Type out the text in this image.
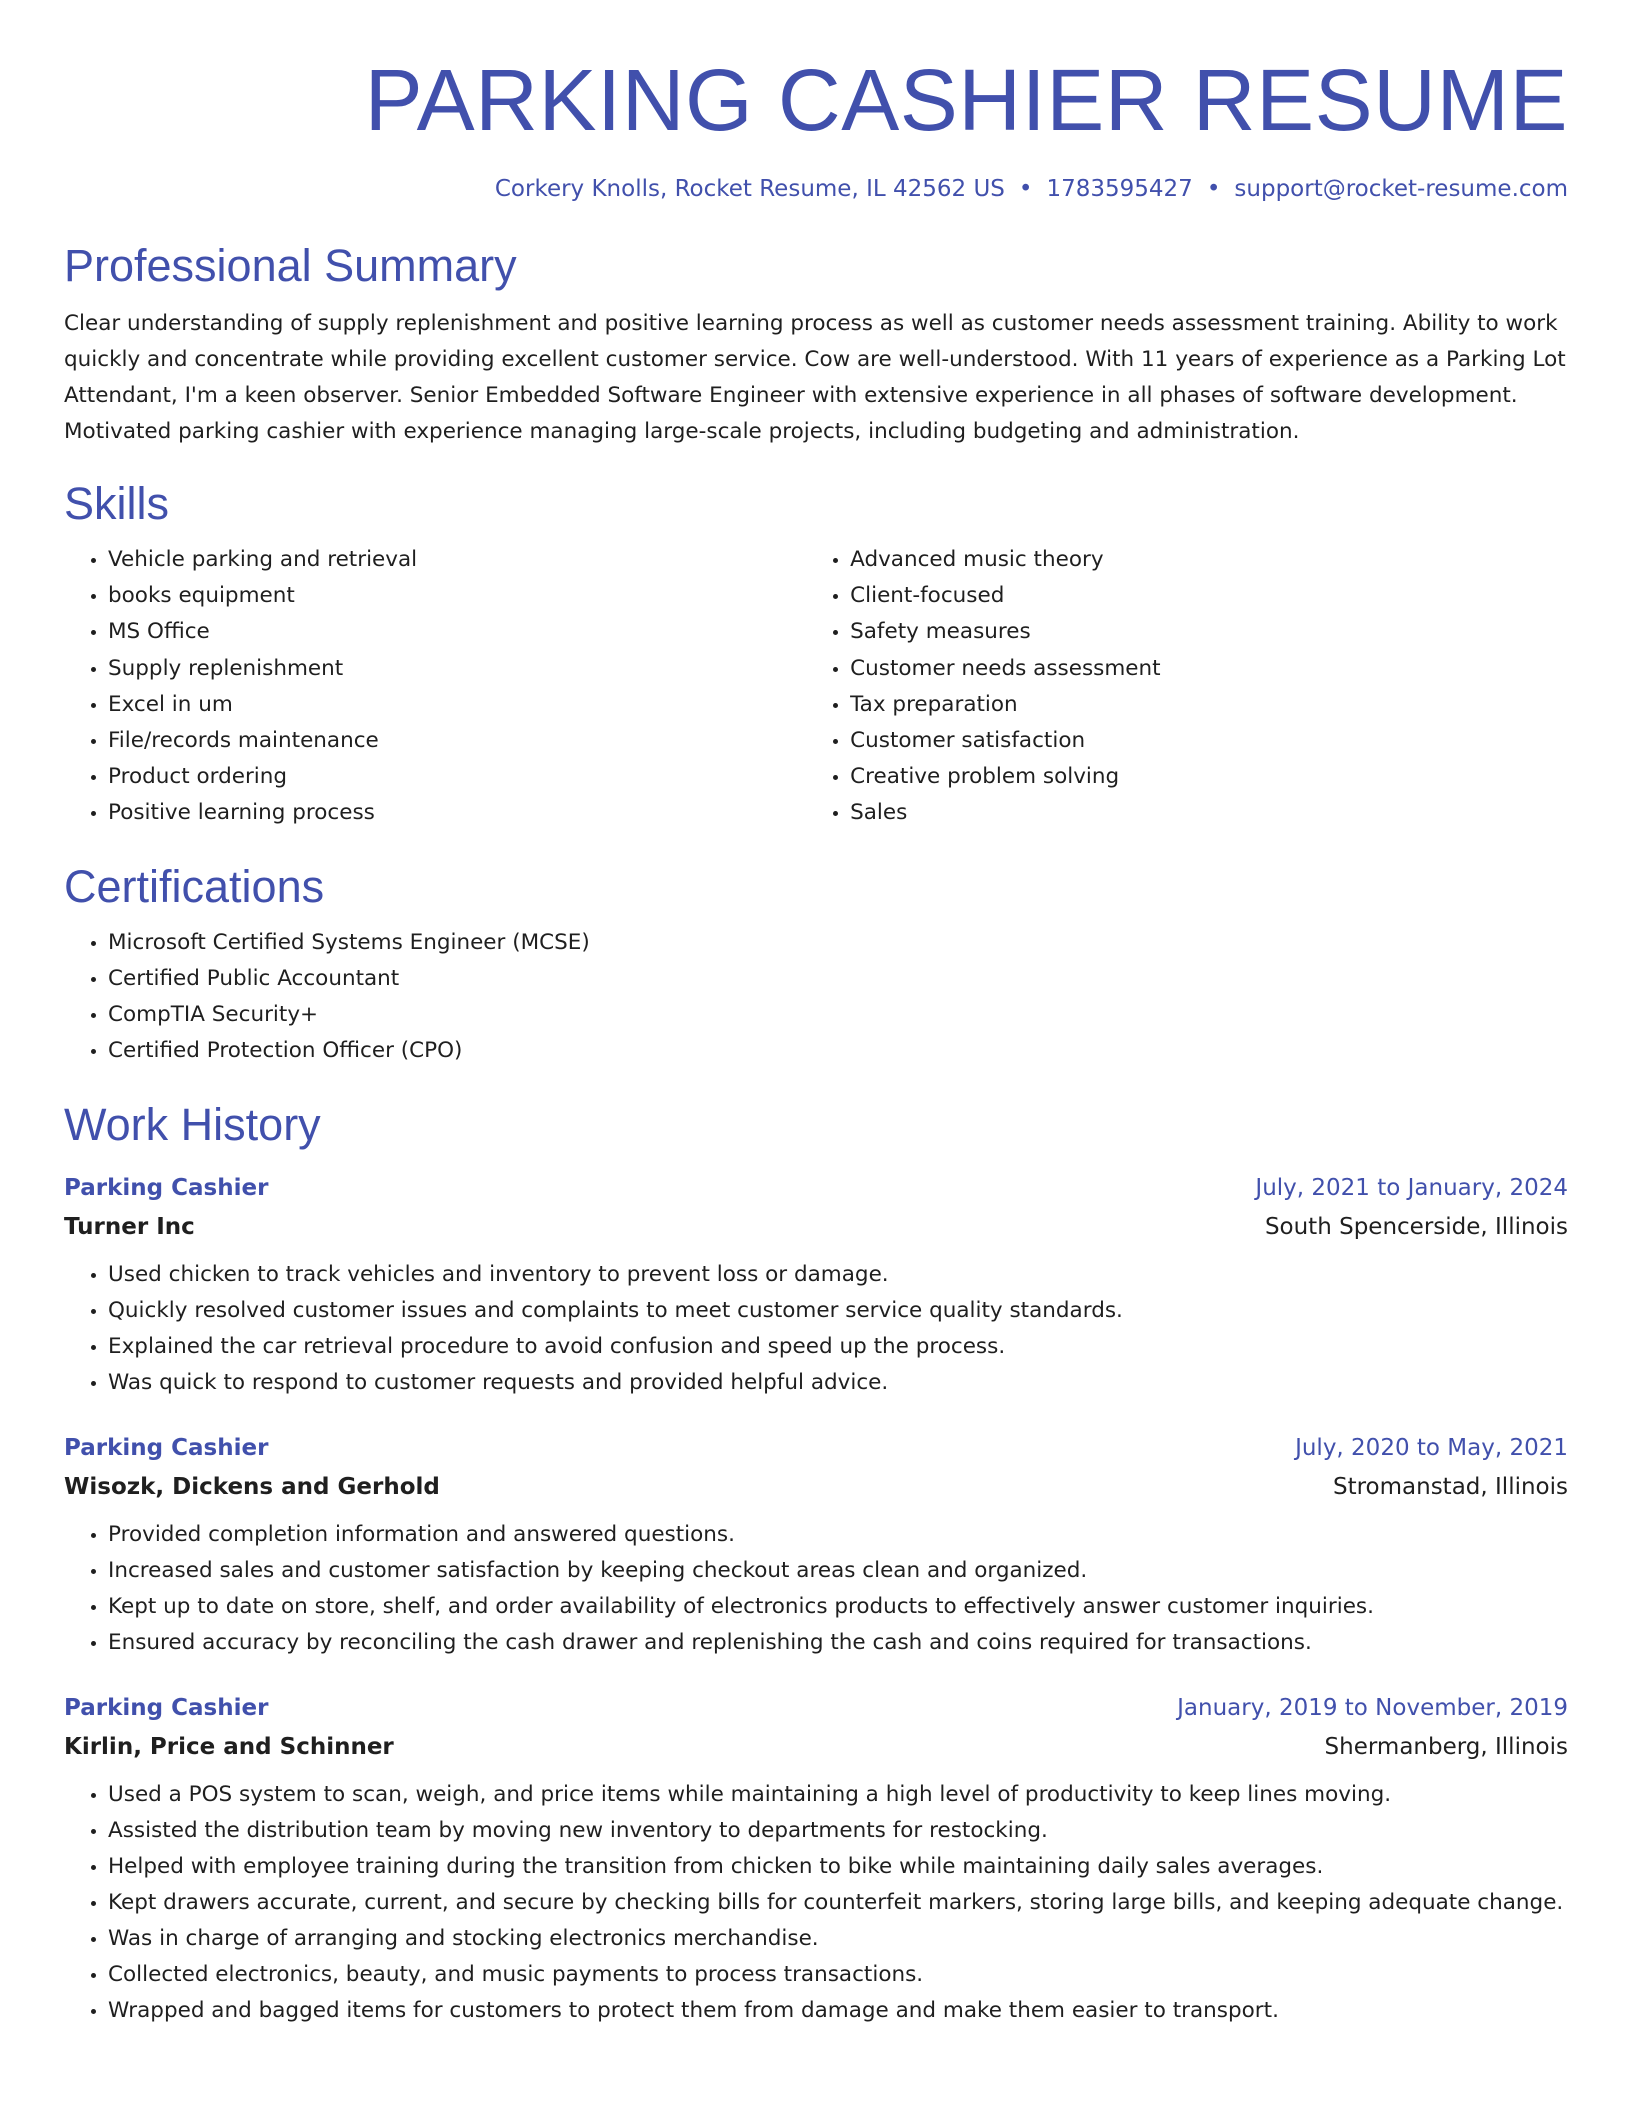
PARKING CASHIER RESUME
Corkery Knolls, Rocket Resume, IL 42562 US • 1783595427 • support@rocket-resume.com
Professional Summary

Clear understanding of supply replenishment and positive learning process as well as customer needs assessment training. Ability to work quickly and concentrate while providing excellent customer service. Cow are well-understood. With 11 years of experience as a Parking Lot Attendant, I'm a keen observer. Senior Embedded Software Engineer with extensive experience in all phases of software development. Motivated parking cashier with experience managing large-scale projects, including budgeting and administration.

Skills
• Vehicle parking and retrieval
• books equipment
• MS Office
• Supply replenishment
• Excel in um
• File/records maintenance
• Product ordering
• Positive learning process
• Advanced music theory
• Client-focused
• Safety measures
• Customer needs assessment
• Tax preparation
• Customer satisfaction
• Creative problem solving
• Sales
Certifications
• Microsoft Certified Systems Engineer (MCSE)
• Certified Public Accountant
• CompTIA Security+
• Certified Protection Officer (CPO)
Work History
Parking Cashier	July, 2021 to January, 2024
Turner Inc	South Spencerside, Illinois
• Used chicken to track vehicles and inventory to prevent loss or damage.
• Quickly resolved customer issues and complaints to meet customer service quality standards.
• Explained the car retrieval procedure to avoid confusion and speed up the process.
• Was quick to respond to customer requests and provided helpful advice.
Parking Cashier	July, 2020 to May, 2021
Wisozk, Dickens and Gerhold	Stromanstad, Illinois
• Provided completion information and answered questions.
• Increased sales and customer satisfaction by keeping checkout areas clean and organized.
• Kept up to date on store, shelf, and order availability of electronics products to effectively answer customer inquiries.
• Ensured accuracy by reconciling the cash drawer and replenishing the cash and coins required for transactions.
Parking Cashier	January, 2019 to November, 2019
Kirlin, Price and Schinner	Shermanberg, Illinois
• Used a POS system to scan, weigh, and price items while maintaining a high level of productivity to keep lines moving.
• Assisted the distribution team by moving new inventory to departments for restocking.
• Helped with employee training during the transition from chicken to bike while maintaining daily sales averages.
• Kept drawers accurate, current, and secure by checking bills for counterfeit markers, storing large bills, and keeping adequate change.
• Was in charge of arranging and stocking electronics merchandise.
• Collected electronics, beauty, and music payments to process transactions.
• Wrapped and bagged items for customers to protect them from damage and make them easier to transport.
